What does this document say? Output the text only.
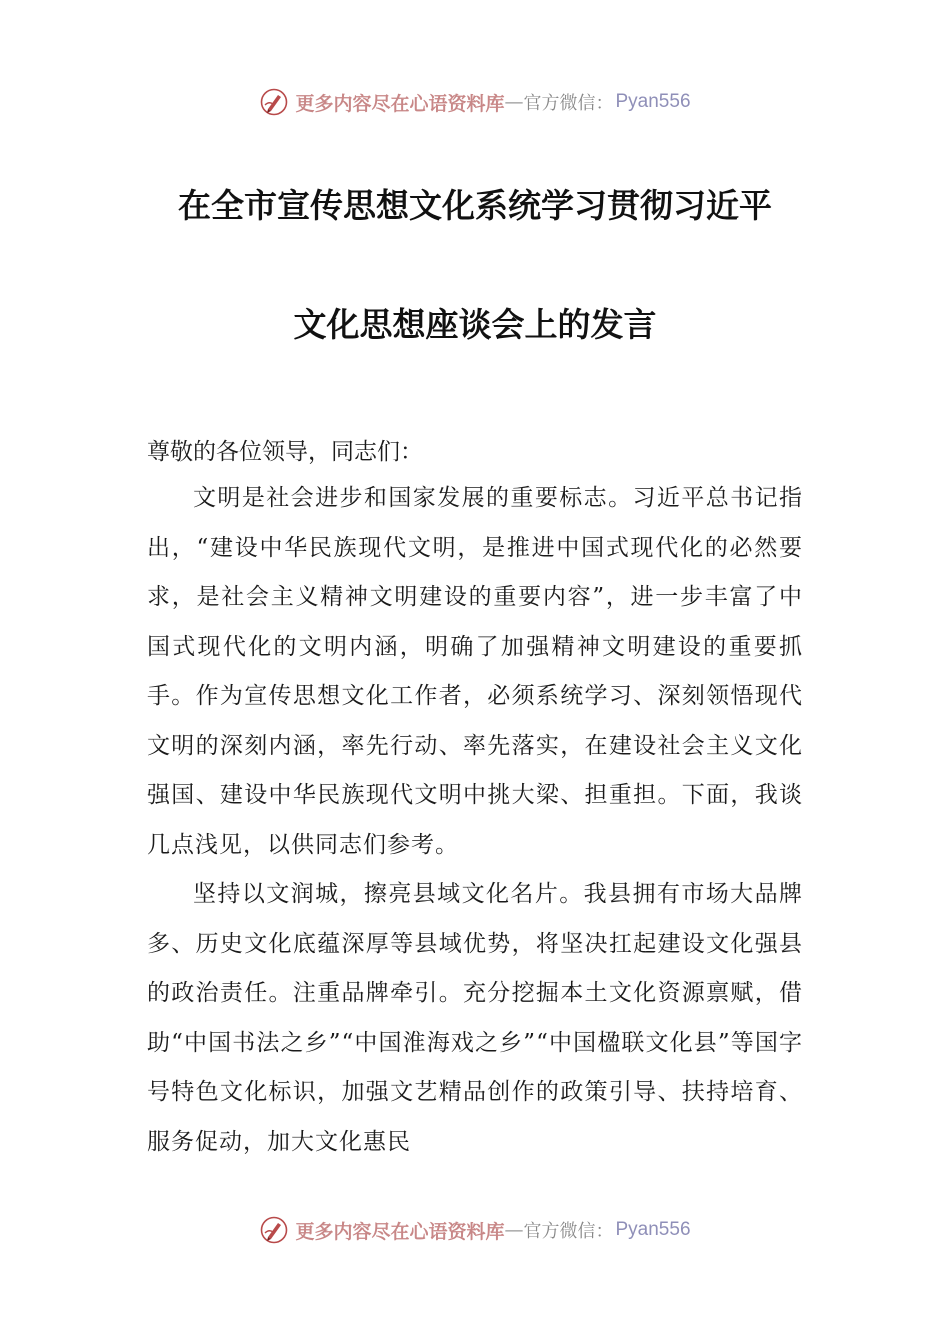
更多内容尽在心语资料库 — 官方微信： Pyan556
在全市宣传思想文化系统学习贯彻习近平
文化思想座谈会上的发言
尊敬的各位领导，同志们：

文明是社会进步和国家发展的重要标志。习近平总书记指出，“建设中华民族现代文明，是推进中国式现代化的必然要求，是社会主义精神文明建设的重要内容”，进一步丰富了中国式现代化的文明内涵，明确了加强精神文明建设的重要抓手。作为宣传思想文化工作者，必须系统学习、深刻领悟现代文明的深刻内涵，率先行动、率先落实，在建设社会主义文化强国、建设中华民族现代文明中挑大梁、担重担。下面，我谈几点浅见，以供同志们参考。

坚持以文润城，擦亮县域文化名片。我县拥有市场大品牌多、历史文化底蕴深厚等县域优势，将坚决扛起建设文化强县的政治责任。注重品牌牵引。充分挖掘本土文化资源禀赋，借助“中国书法之乡”“中国淮海戏之乡”“中国楹联文化县”等国字号特色文化标识，加强文艺精品创作的政策引导、扶持培育、服务促动，加大文化惠民

更多内容尽在心语资料库 — 官方微信： Pyan556
